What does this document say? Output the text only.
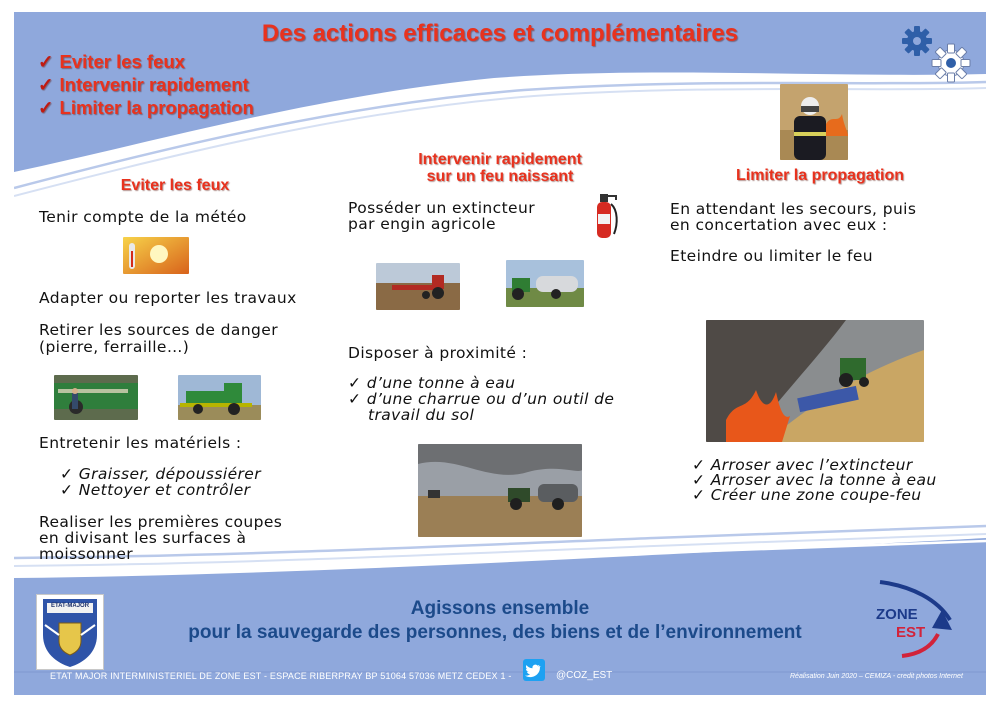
Des actions efficaces et complémentaires
✓ Eviter les feux
✓ Intervenir rapidement
✓ Limiter la propagation
Eviter les feux
Tenir compte de la météo
Adapter ou reporter les travaux
Retirer les sources de danger
(pierre, ferraille…)
Entretenir les matériels :
✓ Graisser, dépoussiérer
✓ Nettoyer et contrôler
Realiser les premières coupes
en divisant les surfaces à
moissonner
Intervenir rapidement
sur un feu naissant
Posséder un extincteur
par engin agricole
Disposer à proximité :
✓ d’une tonne à eau
✓ d’une charrue ou d’un outil de
travail du sol
Limiter la propagation
En attendant les secours, puis
en concertation avec eux :
Eteindre ou limiter le feu
✓ Arroser avec l’extincteur
✓ Arroser avec la tonne à eau
✓ Créer une zone coupe-feu
ETAT-MAJOR	Agissons ensemble
pour la sauvegarde des personnes, des biens et de l’environnement
ZONE
EST
ETAT MAJOR INTERMINISTERIEL DE ZONE EST - ESPACE RIBERPRAY BP 51064 57036 METZ CEDEX 1 -	@COZ_EST	Réalisation Juin 2020 – CEMIZA - credit photos Internet
